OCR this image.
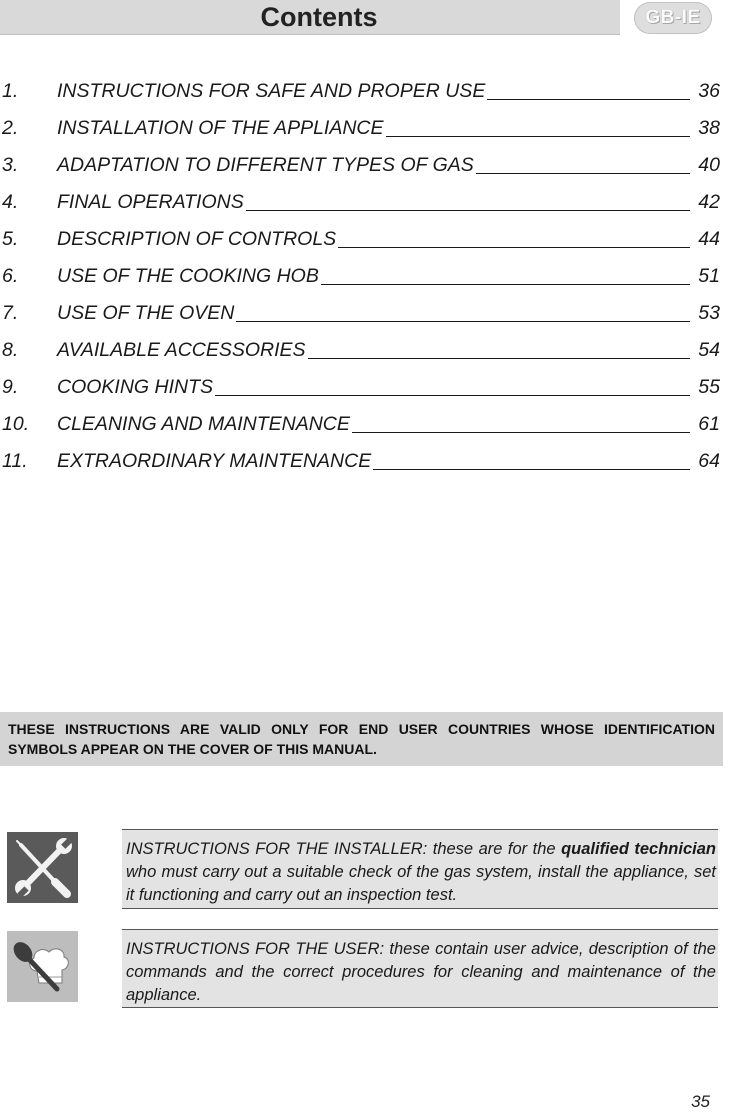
Contents	GB-IE
1. INSTRUCTIONS FOR SAFE AND PROPER USE	36
2. INSTALLATION OF THE APPLIANCE	38
3. ADAPTATION TO DIFFERENT TYPES OF GAS	40
4. FINAL OPERATIONS	42
5. DESCRIPTION OF CONTROLS	44
6. USE OF THE COOKING HOB	51
7. USE OF THE OVEN	53
8. AVAILABLE ACCESSORIES	54
9. COOKING HINTS	55
10. CLEANING AND MAINTENANCE	61
11. EXTRAORDINARY MAINTENANCE	64
THESE INSTRUCTIONS ARE VALID ONLY FOR END USER COUNTRIES WHOSE IDENTIFICATION SYMBOLS APPEAR ON THE COVER OF THIS MANUAL.
INSTRUCTIONS FOR THE INSTALLER: these are for the qualified technician who must carry out a suitable check of the gas system, install the appliance, set it functioning and carry out an inspection test.
INSTRUCTIONS FOR THE USER: these contain user advice, description of the commands and the correct procedures for cleaning and maintenance of the appliance.
35
